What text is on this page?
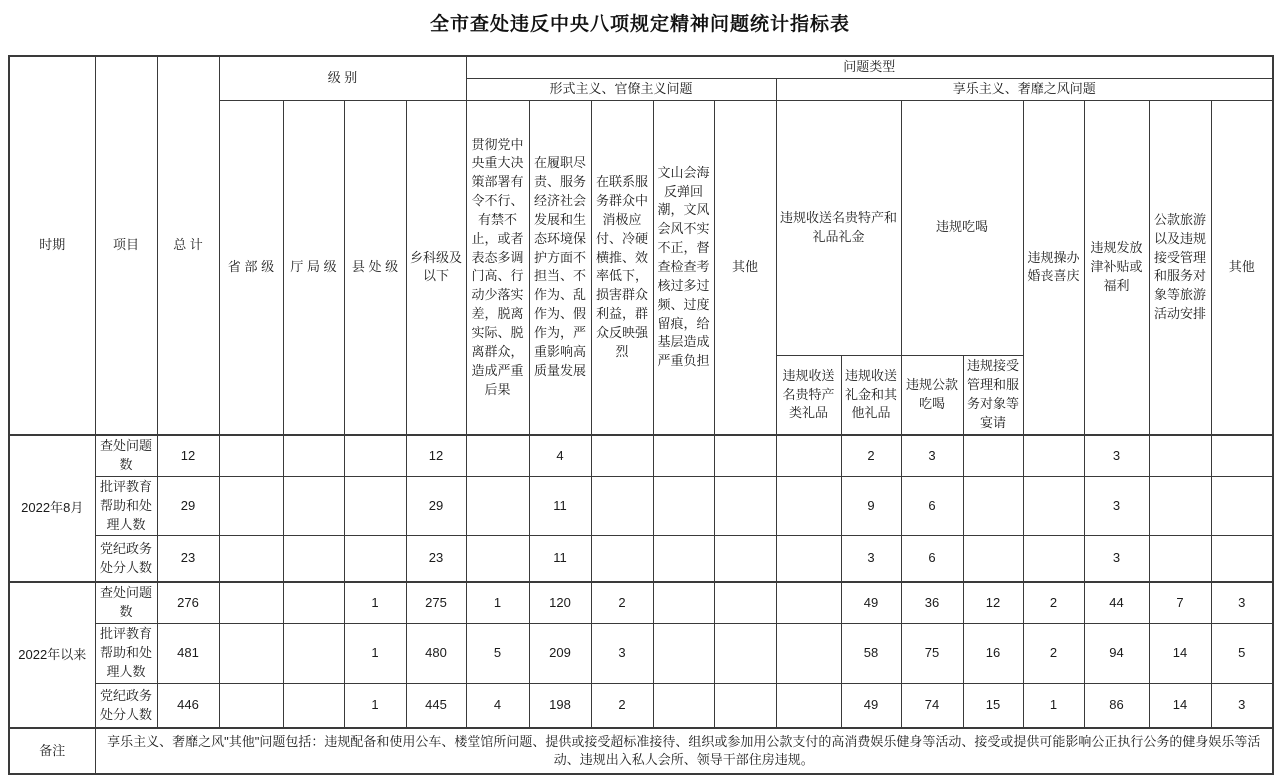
全市查处违反中央八项规定精神问题统计指标表
时期	项目	总 计	级 别				问题类型												
							形式主义、官僚主义问题					享乐主义、奢靡之风问题							
			省 部 级	厅 局 级	县 处 级	乡科级及以下	贯彻党中央重大决策部署有令不行、有禁不止，或者表态多调门高、行动少落实差，脱离实际、脱离群众，造成严重后果	在履职尽责、服务经济社会发展和生态环境保护方面不担当、不作为、乱作为、假作为，严重影响高质量发展	在联系服务群众中消极应付、冷硬横推、效率低下，损害群众利益，群众反映强烈	文山会海反弹回潮，文风会风不实不正，督查检查考核过多过频、过度留痕，给基层造成严重负担	其他	违规收送名贵特产和礼品礼金		违规吃喝		违规操办婚丧喜庆	违规发放津补贴或福利	公款旅游以及违规接受管理和服务对象等旅游活动安排	其他
												违规收送名贵特产类礼品	违规收送礼金和其他礼品	违规公款吃喝	违规接受管理和服务对象等宴请				
2022年8月	查处问题数	12				12		4					2	3			3		
	批评教育帮助和处理人数	29				29		11					9	6			3		
	党纪政务处分人数	23				23		11					3	6			3		
2022年以来	查处问题数	276			1	275	1	120	2				49	36	12	2	44	7	3
	批评教育帮助和处理人数	481			1	480	5	209	3				58	75	16	2	94	14	5
	党纪政务处分人数	446			1	445	4	198	2				49	74	15	1	86	14	3
备注	享乐主义、奢靡之风"其他"问题包括：违规配备和使用公车、楼堂馆所问题、提供或接受超标准接待、组织或参加用公款支付的高消费娱乐健身等活动、接受或提供可能影响公正执行公务的健身娱乐等活动、违规出入私人会所、领导干部住房违规。																		
